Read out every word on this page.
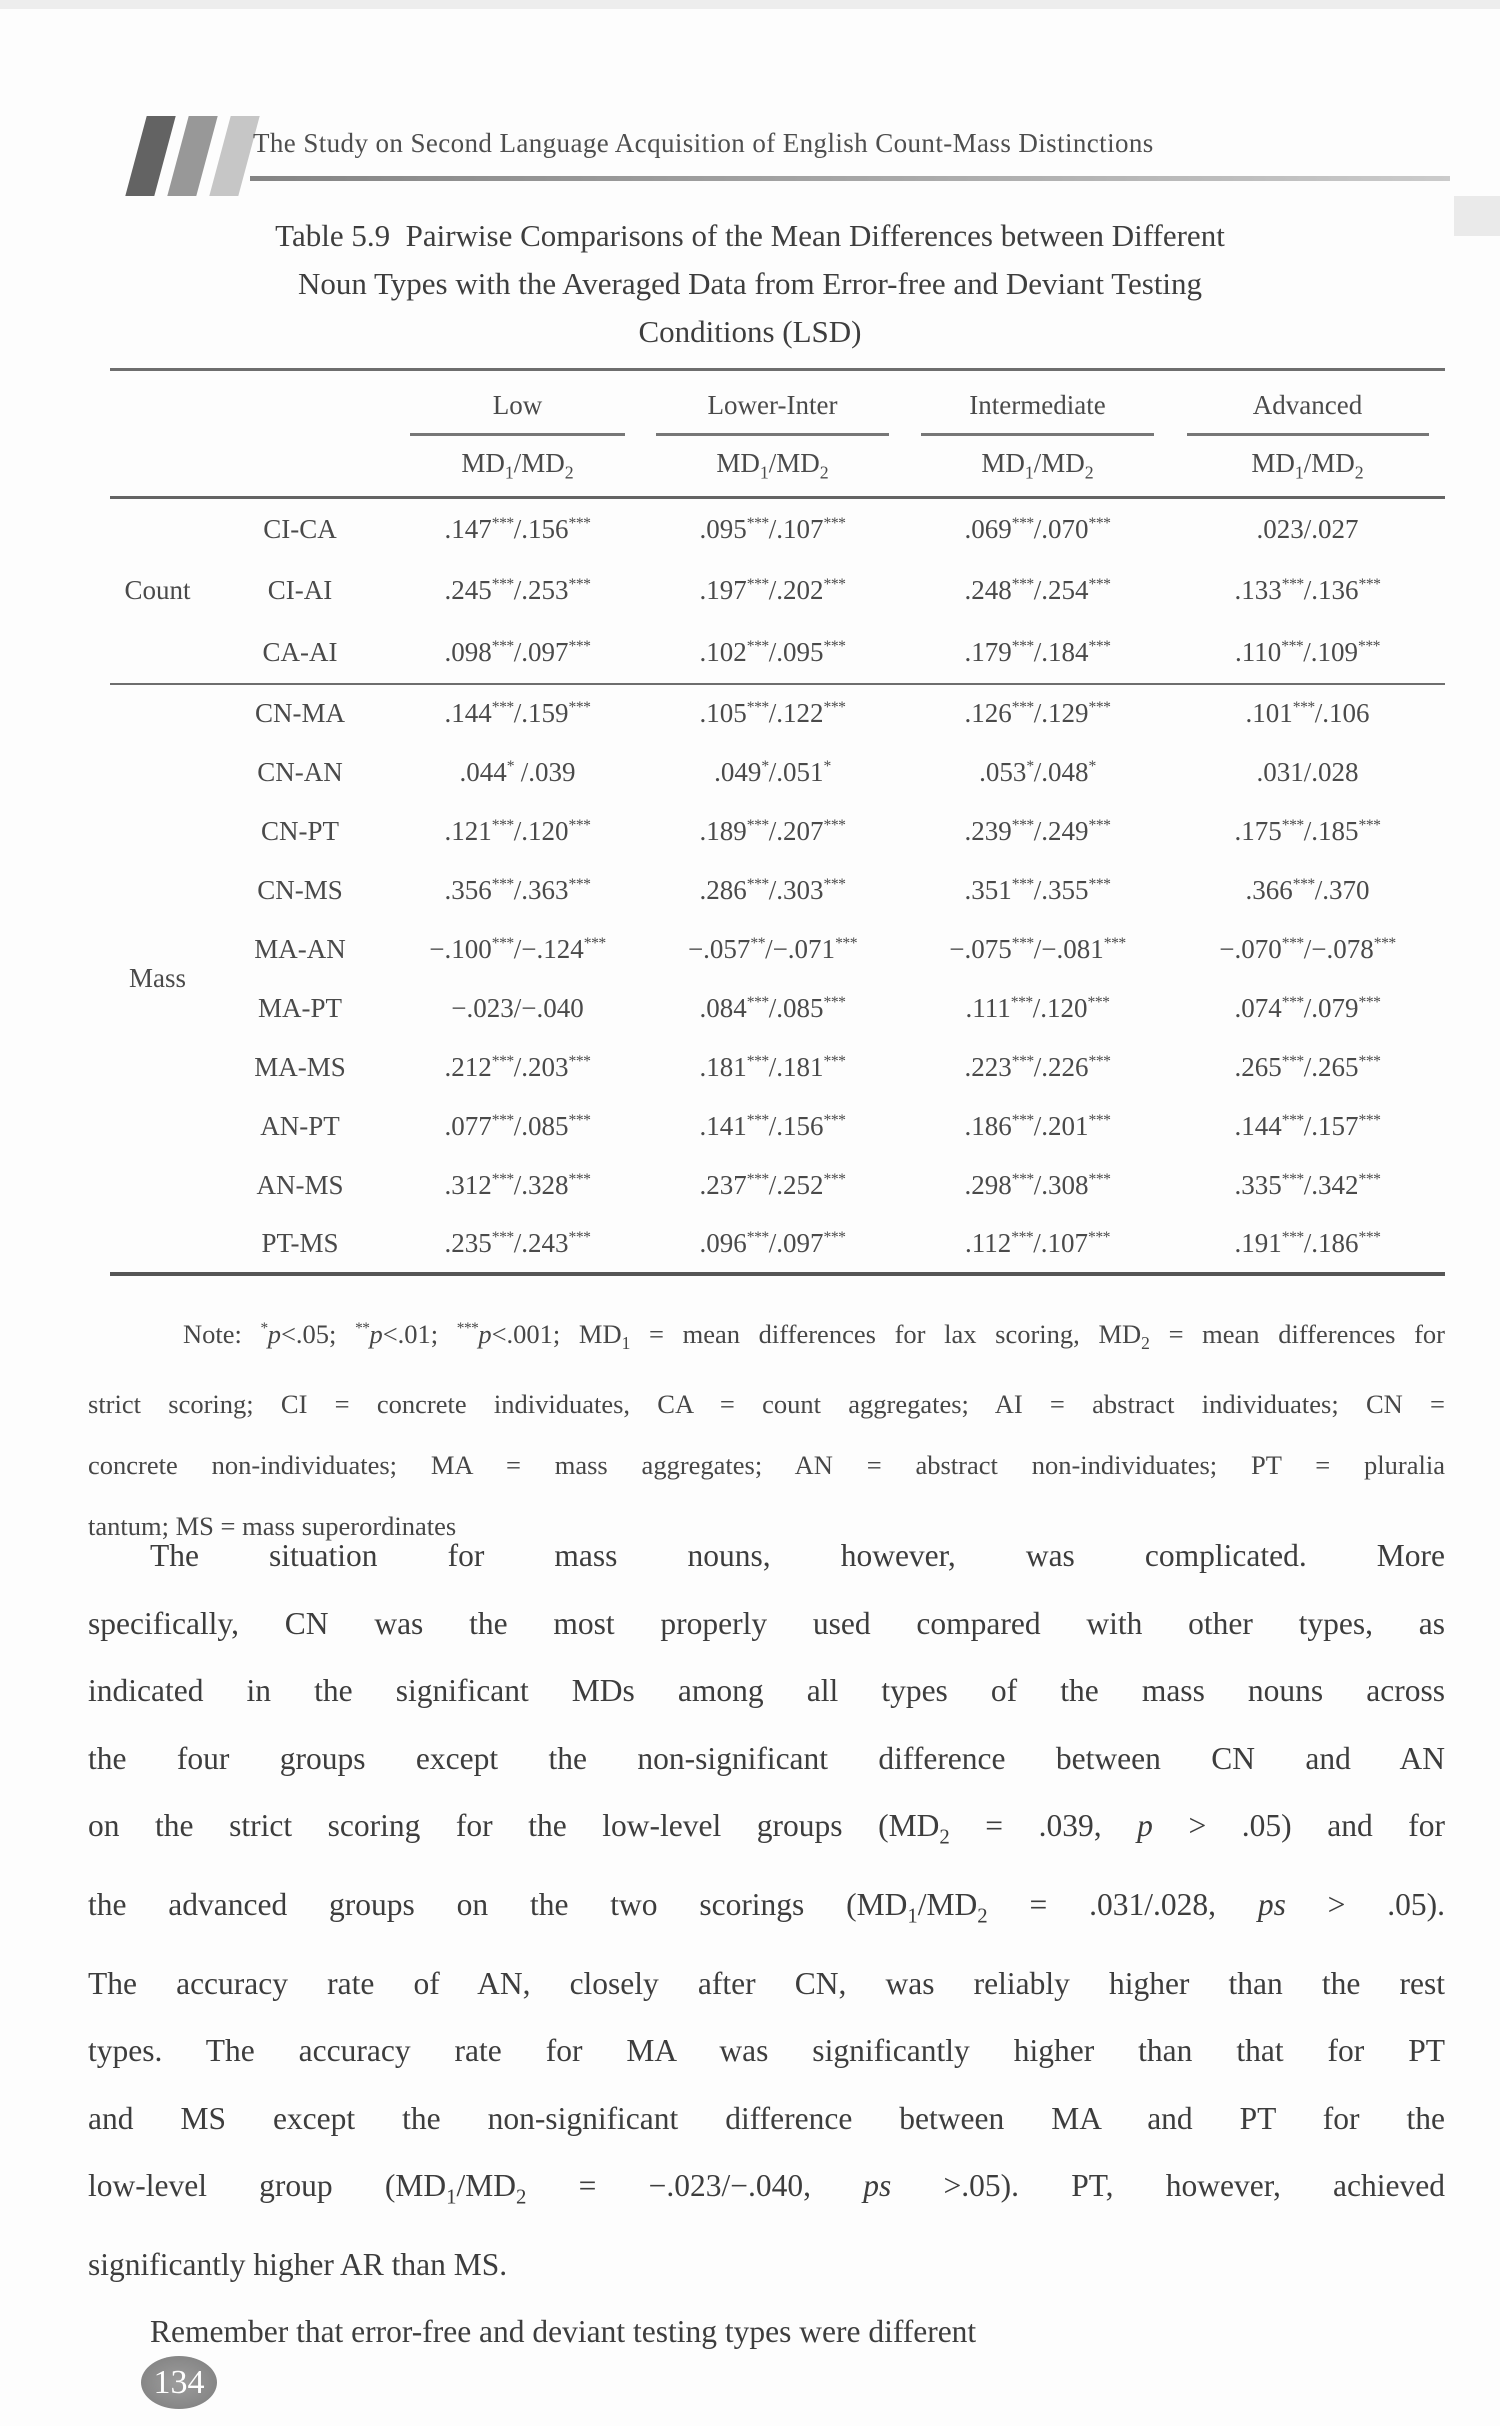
The Study on Second Language Acquisition of English Count-Mass Distinctions
Table 5.9  Pairwise Comparisons of the Mean Differences between Different
Noun Types with the Averaged Data from Error-free and Deviant Testing
Conditions (LSD)

		Low	Lower-Inter	Intermediate	Advanced

		$MD_1/MD_2$	$MD_1/MD_2$	$MD_1/MD_2$	$MD_1/MD_2$
Count	CI-CA	.147***/.156***	.095***/.107***	.069***/.070***	.023/.027
	CI-AI	.245***/.253***	.197***/.202***	.248***/.254***	.133***/.136***
	CA-AI	.098***/.097***	.102***/.095***	.179***/.184***	.110***/.109***
Mass	CN-MA	.144***/.159***	.105***/.122***	.126***/.129***	.101***/.106
	CN-AN	.044* /.039	.049*/.051*	.053*/.048*	.031/.028
	CN-PT	.121***/.120***	.189***/.207***	.239***/.249***	.175***/.185***
	CN-MS	.356***/.363***	.286***/.303***	.351***/.355***	.366***/.370
	MA-AN	−.100***/−.124***	−.057**/−.071***	−.075***/−.081***	−.070***/−.078***
	MA-PT	−.023/−.040	.084***/.085***	.111***/.120***	.074***/.079***
	MA-MS	.212***/.203***	.181***/.181***	.223***/.226***	.265***/.265***
	AN-PT	.077***/.085***	.141***/.156***	.186***/.201***	.144***/.157***
	AN-MS	.312***/.328***	.237***/.252***	.298***/.308***	.335***/.342***
	PT-MS	.235***/.243***	.096***/.097***	.112***/.107***	.191***/.186***
Note: *p<.05; **p<.01; ***p<.001; $MD_1$ = mean differences for lax scoring, $MD_2$ = mean differences for
strict scoring; CI = concrete individuates, CA = count aggregates; AI = abstract individuates; CN =
concrete non-individuates; MA = mass aggregates; AN = abstract non-individuates; PT = pluralia
tantum; MS = mass superordinates
The situation for mass nouns, however, was complicated. More
specifically, CN was the most properly used compared with other types, as
indicated in the significant MDs among all types of the mass nouns across
the four groups except the non-significant difference between CN and AN
on the strict scoring for the low-level groups ($MD_2 = .039$, p > .05) and for
the advanced groups on the two scorings ($MD_1/MD_2 = .031/.028$, ps > .05).
The accuracy rate of AN, closely after CN, was reliably higher than the rest
types. The accuracy rate for MA was significantly higher than that for PT
and MS except the non-significant difference between MA and PT for the
low-level group ($MD_1/MD_2 = -.023/-.040$, ps >.05). PT, however, achieved
significantly higher AR than MS.
Remember that error-free and deviant testing types were different
134
